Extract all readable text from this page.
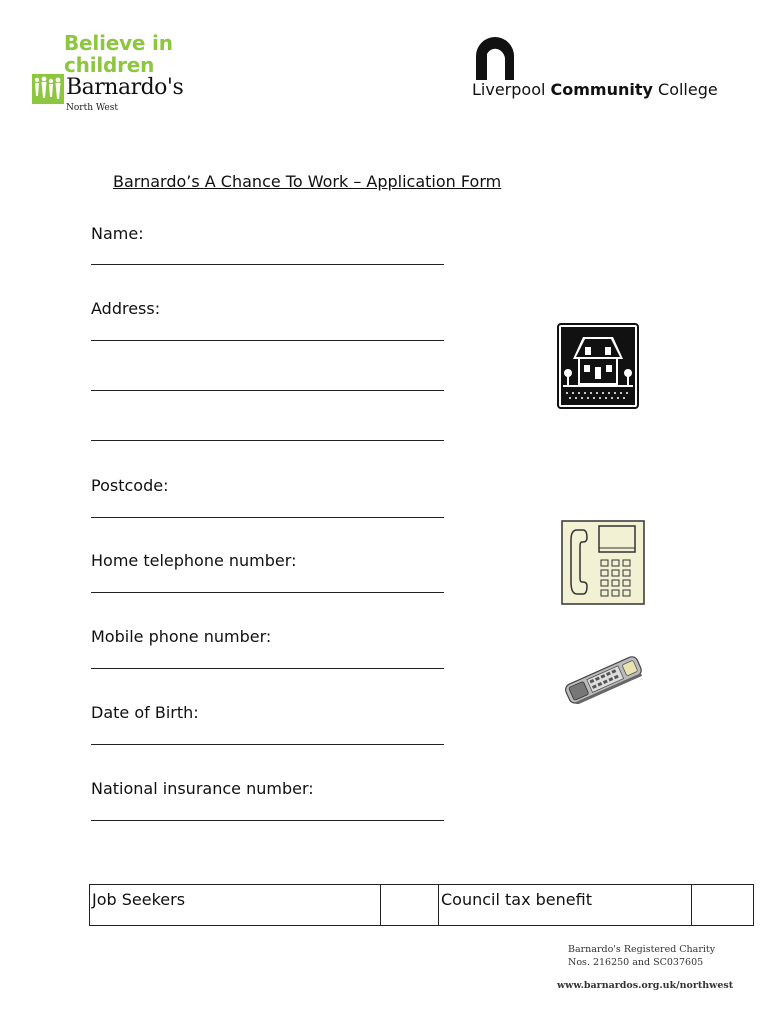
Believe in
children
Barnardo's
North West
Liverpool Community College
Barnardo’s A Chance To Work – Application Form
Name:
Address:
Postcode:
Home telephone number:
Mobile phone number:
Date of Birth:
National insurance number:
Job Seekers		Council tax benefit	
Barnardo's Registered Charity
Nos. 216250 and SC037605
www.barnardos.org.uk/northwest
